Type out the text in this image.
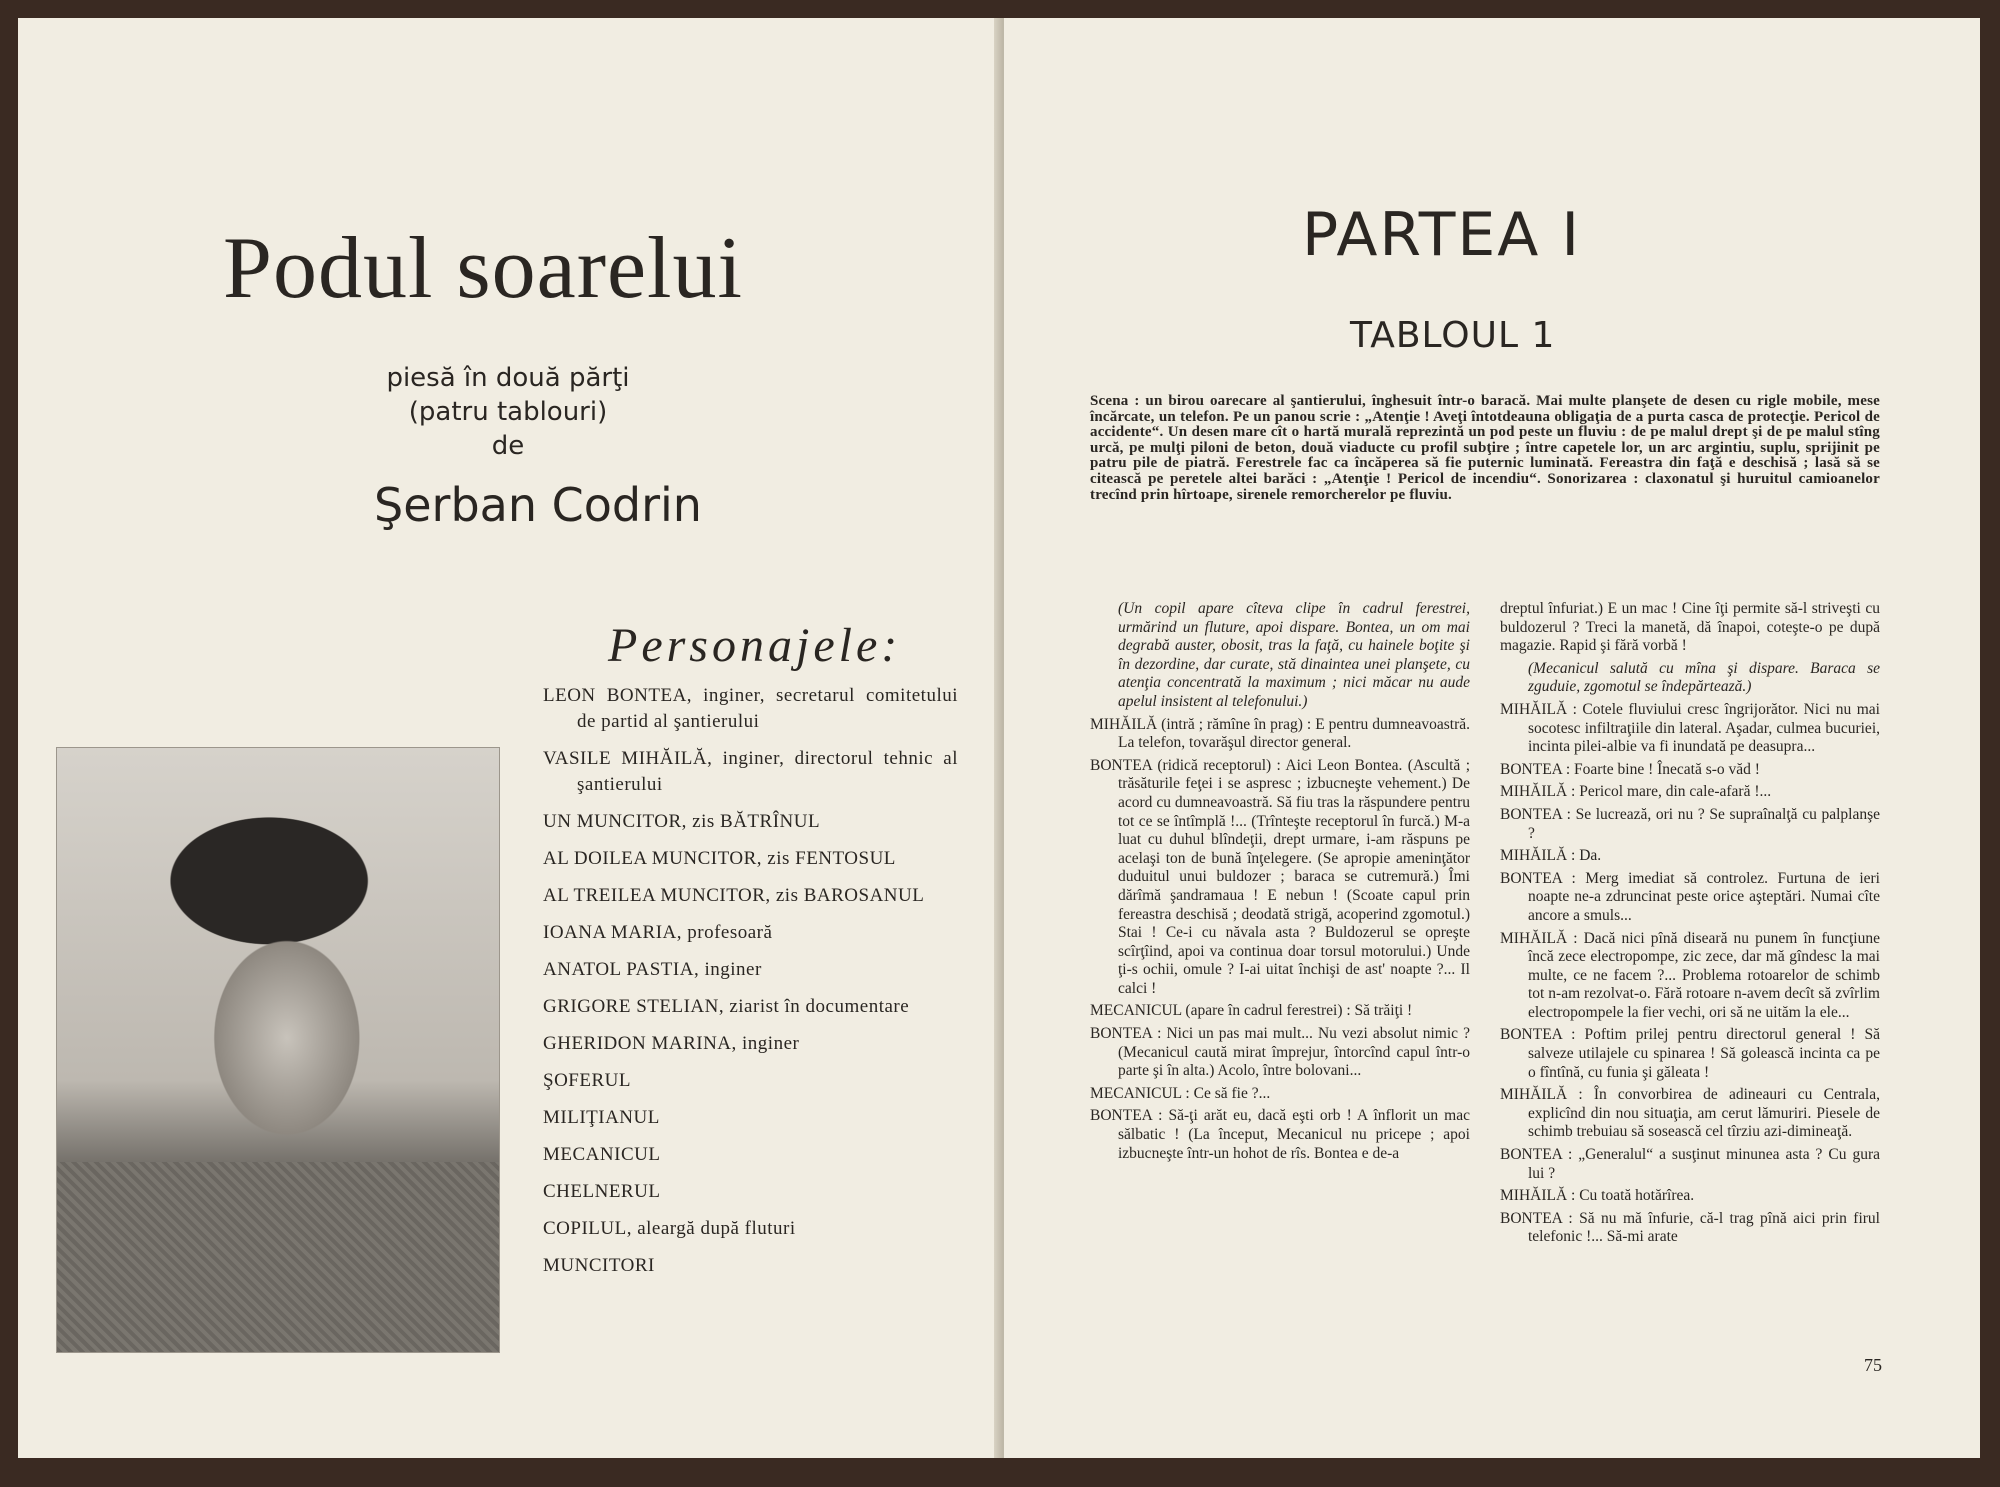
Podul soarelui
piesă în două părţi
(patru tablouri)
de
Şerban Codrin
Personajele:
LEON BONTEA, inginer, secretarul comitetului de partid al şantierului
VASILE MIHĂILĂ, inginer, directorul tehnic al şantierului
UN MUNCITOR, zis BĂTRÎNUL
AL DOILEA MUNCITOR, zis FENTOSUL
AL TREILEA MUNCITOR, zis BAROSANUL
IOANA MARIA, profesoară
ANATOL PASTIA, inginer
GRIGORE STELIAN, ziarist în documentare
GHERIDON MARINA, inginer
ŞOFERUL
MILIŢIANUL
MECANICUL
CHELNERUL
COPILUL, aleargă după fluturi
MUNCITORI
PARTEA I
TABLOUL 1

Scena : un birou oarecare al şantierului, înghesuit într-o baracă. Mai multe planşete de desen cu rigle mobile, mese încărcate, un telefon. Pe un panou scrie : „Atenţie ! Aveţi întotdeauna obligaţia de a purta casca de protecţie. Pericol de accidente“. Un desen mare cît o hartă murală reprezintă un pod peste un fluviu : de pe malul drept şi de pe malul stîng urcă, pe mulţi piloni de beton, două viaducte cu profil subţire ; între capetele lor, un arc argintiu, suplu, sprijinit pe patru pile de piatră. Ferestrele fac ca încăperea să fie puternic luminată. Fereastra din faţă e deschisă ; lasă să se citească pe peretele altei barăci : „Atenţie ! Pericol de incendiu“. Sonorizarea : claxonatul şi huruitul camioanelor trecînd prin hîrtoape, sirenele remorcherelor pe fluviu.

(Un copil apare cîteva clipe în cadrul ferestrei, urmărind un fluture, apoi dispare. Bontea, un om mai degrabă auster, obosit, tras la faţă, cu hainele boţite şi în dezordine, dar curate, stă dinaintea unei planşete, cu atenţia concentrată la maximum ; nici măcar nu aude apelul insistent al telefonului.)

MIHĂILĂ (intră ; rămîne în prag) : E pentru dumneavoastră. La telefon, tovarăşul director general.

BONTEA (ridică receptorul) : Aici Leon Bontea. (Ascultă ; trăsăturile feţei i se aspresc ; izbucneşte vehement.) De acord cu dumneavoastră. Să fiu tras la răspundere pentru tot ce se întîmplă !... (Trînteşte receptorul în furcă.) M-a luat cu duhul blîndeţii, drept urmare, i-am răspuns pe acelaşi ton de bună înţelegere. (Se apropie ameninţător duduitul unui buldozer ; baraca se cutremură.) Îmi dărîmă şandramaua ! E nebun ! (Scoate capul prin fereastra deschisă ; deodată strigă, acoperind zgomotul.) Stai ! Ce-i cu năvala asta ? Buldozerul se opreşte scîrţîind, apoi va continua doar torsul motorului.) Unde ţi-s ochii, omule ? I-ai uitat închişi de ast' noapte ?... Il calci !

MECANICUL (apare în cadrul ferestrei) : Să trăiţi !

BONTEA : Nici un pas mai mult... Nu vezi absolut nimic ? (Mecanicul caută mirat împrejur, întorcînd capul într-o parte şi în alta.) Acolo, între bolovani...

MECANICUL : Ce să fie ?...

BONTEA : Să-ţi arăt eu, dacă eşti orb ! A înflorit un mac sălbatic ! (La început, Mecanicul nu pricepe ; apoi izbucneşte într-un hohot de rîs. Bontea e de-a

dreptul înfuriat.) E un mac ! Cine îţi permite să-l striveşti cu buldozerul ? Treci la manetă, dă înapoi, coteşte-o pe după magazie. Rapid şi fără vorbă !

(Mecanicul salută cu mîna şi dispare. Baraca se zguduie, zgomotul se îndepărtează.)

MIHĂILĂ : Cotele fluviului cresc îngrijorător. Nici nu mai socotesc infiltraţiile din lateral. Aşadar, culmea bucuriei, incinta pilei-albie va fi inundată pe deasupra...

BONTEA : Foarte bine ! Înecată s-o văd !

MIHĂILĂ : Pericol mare, din cale-afară !...

BONTEA : Se lucrează, ori nu ? Se supraînalţă cu palplanşe ?

MIHĂILĂ : Da.

BONTEA : Merg imediat să controlez. Furtuna de ieri noapte ne-a zdruncinat peste orice aşteptări. Numai cîte ancore a smuls...

MIHĂILĂ : Dacă nici pînă diseară nu punem în funcţiune încă zece electropompe, zic zece, dar mă gîndesc la mai multe, ce ne facem ?... Problema rotoarelor de schimb tot n-am rezolvat-o. Fără rotoare n-avem decît să zvîrlim electropompele la fier vechi, ori să ne uităm la ele...

BONTEA : Poftim prilej pentru directorul general ! Să salveze utilajele cu spinarea ! Să golească incinta ca pe o fîntînă, cu funia şi găleata !

MIHĂILĂ : În convorbirea de adineauri cu Centrala, explicînd din nou situaţia, am cerut lămuriri. Piesele de schimb trebuiau să sosească cel tîrziu azi-dimineaţă.

BONTEA : „Generalul“ a susţinut minunea asta ? Cu gura lui ?

MIHĂILĂ : Cu toată hotărîrea.

BONTEA : Să nu mă înfurie, că-l trag pînă aici prin firul telefonic !... Să-mi arate

75
